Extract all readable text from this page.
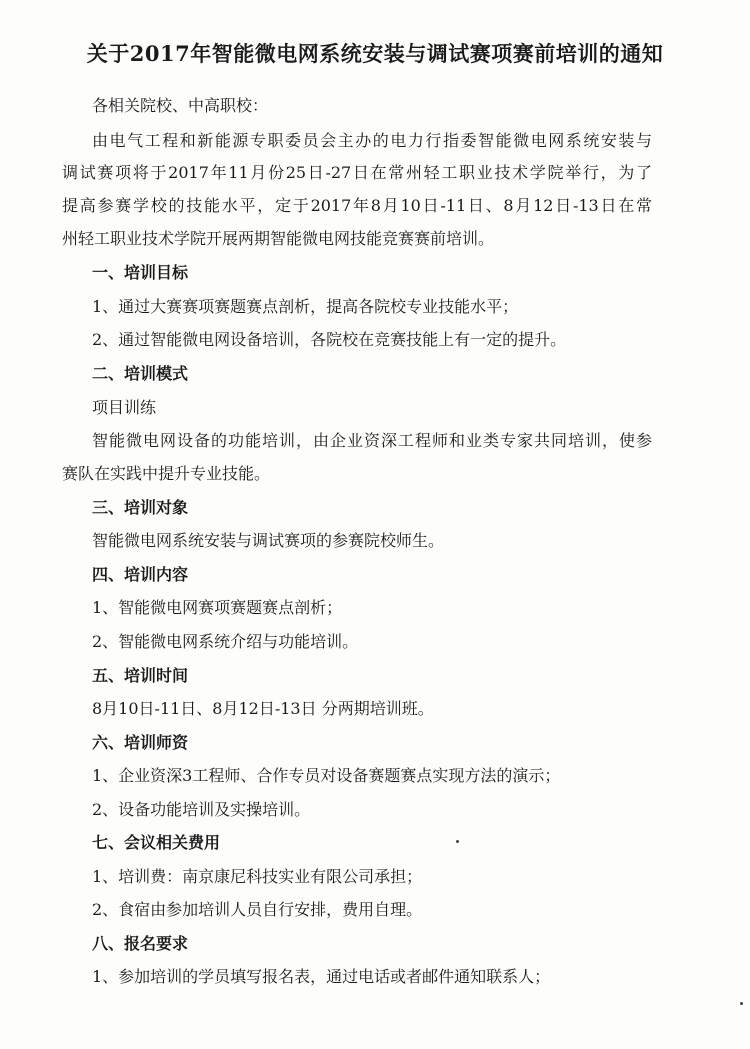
关于2017年智能微电网系统安装与调试赛项赛前培训的通知
各相关院校、中高职校：
由电气工程和新能源专职委员会主办的电力行指委智能微电网系统安装与
调试赛项将于2017年11月份25日-27日在常州轻工职业技术学院举行，为了
提高参赛学校的技能水平，定于2017年8月10日-11日、8月12日-13日在常
州轻工职业技术学院开展两期智能微电网技能竞赛赛前培训。
一、培训目标
1、通过大赛赛项赛题赛点剖析，提高各院校专业技能水平；
2、通过智能微电网设备培训，各院校在竞赛技能上有一定的提升。
二、培训模式
项目训练
智能微电网设备的功能培训，由企业资深工程师和业类专家共同培训，使参
赛队在实践中提升专业技能。
三、培训对象
智能微电网系统安装与调试赛项的参赛院校师生。
四、培训内容
1、智能微电网赛项赛题赛点剖析；
2、智能微电网系统介绍与功能培训。
五、培训时间
8月10日-11日、8月12日-13日 分两期培训班。
六、培训师资
1、企业资深3工程师、合作专员对设备赛题赛点实现方法的演示；
2、设备功能培训及实操培训。
七、会议相关费用
1、培训费：南京康尼科技实业有限公司承担；
2、食宿由参加培训人员自行安排，费用自理。
八、报名要求
1、参加培训的学员填写报名表，通过电话或者邮件通知联系人；
